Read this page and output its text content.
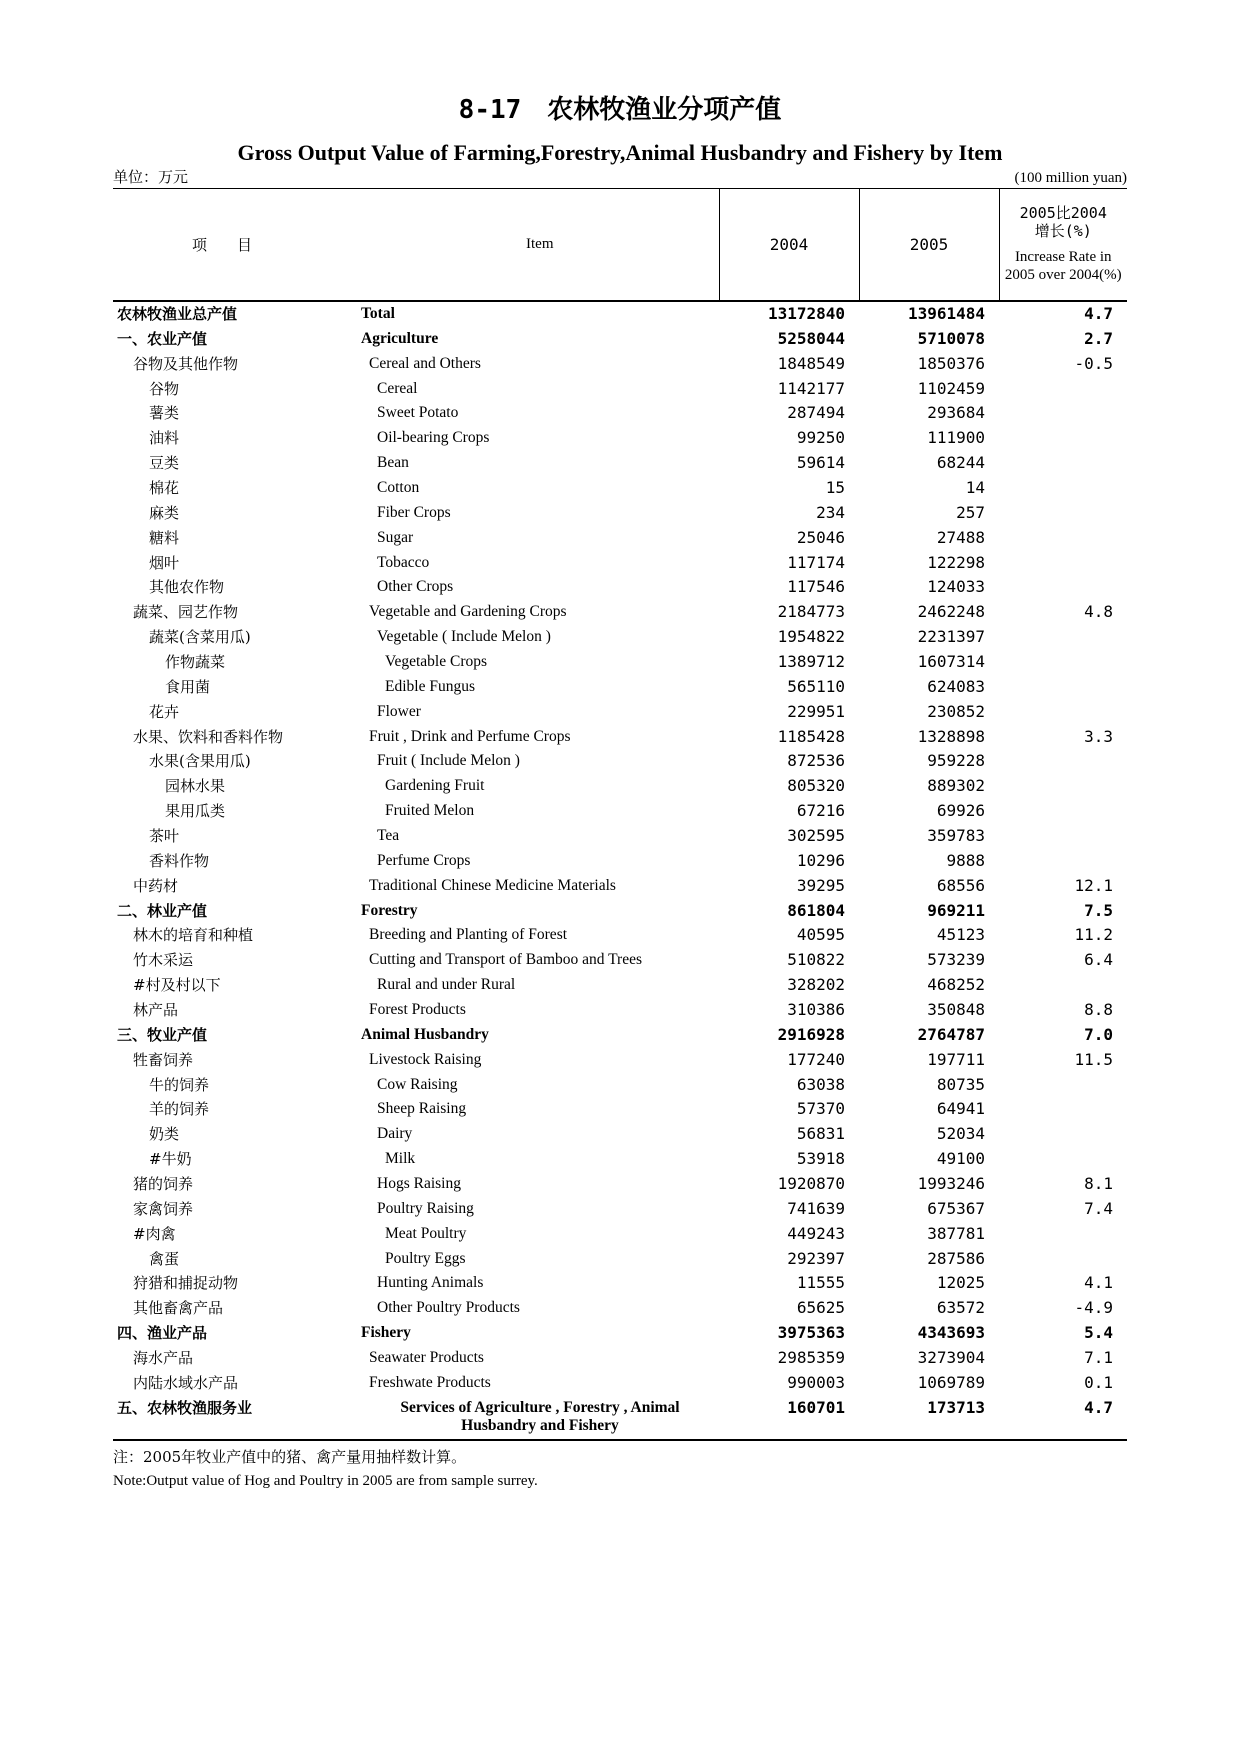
8-17 农林牧渔业分项产值
Gross Output Value of Farming,Forestry,Animal Husbandry and Fishery by Item
单位：万元	(100 million yuan)
项目	Item	2004	2005	2005比2004
增长(%)
Increase Rate in 2005 over 2004(%)

农林牧渔业总产值	Total	13172840	13961484	4.7
一、农业产值	Agriculture	5258044	5710078	2.7
谷物及其他作物	Cereal and Others	1848549	1850376	-0.5
谷物	Cereal	1142177	1102459	
薯类	Sweet Potato	287494	293684	
油料	Oil-bearing Crops	99250	111900	
豆类	Bean	59614	68244	
棉花	Cotton	15	14	
麻类	Fiber Crops	234	257	
糖料	Sugar	25046	27488	
烟叶	Tobacco	117174	122298	
其他农作物	Other Crops	117546	124033	
蔬菜、园艺作物	Vegetable and Gardening Crops	2184773	2462248	4.8
蔬菜(含菜用瓜)	Vegetable ( Include Melon )	1954822	2231397	
作物蔬菜	Vegetable Crops	1389712	1607314	
食用菌	Edible Fungus	565110	624083	
花卉	Flower	229951	230852	
水果、饮料和香料作物	Fruit , Drink and Perfume Crops	1185428	1328898	3.3
水果(含果用瓜)	Fruit ( Include Melon )	872536	959228	
园林水果	Gardening Fruit	805320	889302	
果用瓜类	Fruited Melon	67216	69926	
茶叶	Tea	302595	359783	
香料作物	Perfume Crops	10296	9888	
中药材	Traditional Chinese Medicine Materials	39295	68556	12.1
二、林业产值	Forestry	861804	969211	7.5
林木的培育和种植	Breeding and Planting of Forest	40595	45123	11.2
竹木采运	Cutting and Transport of Bamboo and Trees	510822	573239	6.4
#村及村以下	Rural and under Rural	328202	468252	
林产品	Forest Products	310386	350848	8.8
三、牧业产值	Animal Husbandry	2916928	2764787	7.0
牲畜饲养	Livestock Raising	177240	197711	11.5
牛的饲养	Cow Raising	63038	80735	
羊的饲养	Sheep Raising	57370	64941	
奶类	Dairy	56831	52034	
#牛奶	Milk	53918	49100	
猪的饲养	Hogs Raising	1920870	1993246	8.1
家禽饲养	Poultry Raising	741639	675367	7.4
#肉禽	Meat Poultry	449243	387781	
禽蛋	Poultry Eggs	292397	287586	
狩猎和捕捉动物	Hunting Animals	11555	12025	4.1
其他畜禽产品	Other Poultry Products	65625	63572	-4.9
四、渔业产品	Fishery	3975363	4343693	5.4
海水产品	Seawater Products	2985359	3273904	7.1
内陆水域水产品	Freshwate Products	990003	1069789	0.1
五、农林牧渔服务业	Services of Agriculture , Forestry , Animal Husbandry and Fishery	160701	173713	4.7
注：2005年牧业产值中的猪、禽产量用抽样数计算。
Note:Output value of Hog and Poultry in 2005 are from sample surrey.
